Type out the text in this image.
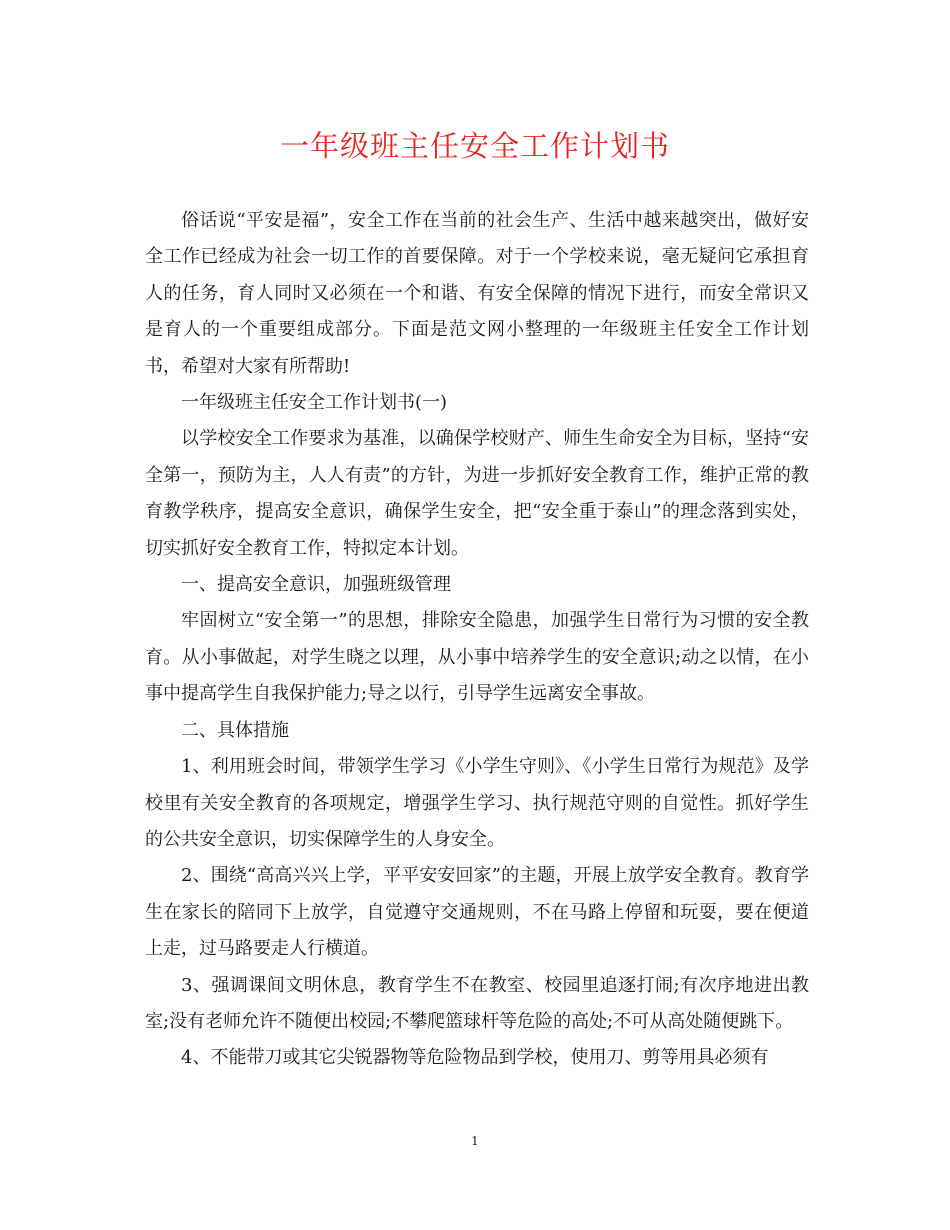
一年级班主任安全工作计划书

俗话说“平安是福”，安全工作在当前的社会生产、生活中越来越突出，做好安全工作已经成为社会一切工作的首要保障。对于一个学校来说，毫无疑问它承担育人的任务，育人同时又必须在一个和谐、有安全保障的情况下进行，而安全常识又是育人的一个重要组成部分。下面是范文网小整理的一年级班主任安全工作计划书，希望对大家有所帮助!

一年级班主任安全工作计划书(一)

以学校安全工作要求为基准，以确保学校财产、师生生命安全为目标，坚持“安全第一，预防为主，人人有责”的方针，为进一步抓好安全教育工作，维护正常的教育教学秩序，提高安全意识，确保学生安全，把“安全重于泰山”的理念落到实处，切实抓好安全教育工作，特拟定本计划。

一、提高安全意识，加强班级管理

牢固树立“安全第一”的思想，排除安全隐患，加强学生日常行为习惯的安全教育。从小事做起，对学生晓之以理，从小事中培养学生的安全意识;动之以情，在小事中提高学生自我保护能力;导之以行，引导学生远离安全事故。

二、具体措施

1、利用班会时间，带领学生学习《小学生守则》、《小学生日常行为规范》及学校里有关安全教育的各项规定，增强学生学习、执行规范守则的自觉性。抓好学生的公共安全意识，切实保障学生的人身安全。

2、围绕“高高兴兴上学，平平安安回家”的主题，开展上放学安全教育。教育学生在家长的陪同下上放学，自觉遵守交通规则，不在马路上停留和玩耍，要在便道上走，过马路要走人行横道。

3、强调课间文明休息，教育学生不在教室、校园里追逐打闹;有次序地进出教室;没有老师允许不随便出校园;不攀爬篮球杆等危险的高处;不可从高处随便跳下。

4、不能带刀或其它尖锐器物等危险物品到学校，使用刀、剪等用具必须有

1
